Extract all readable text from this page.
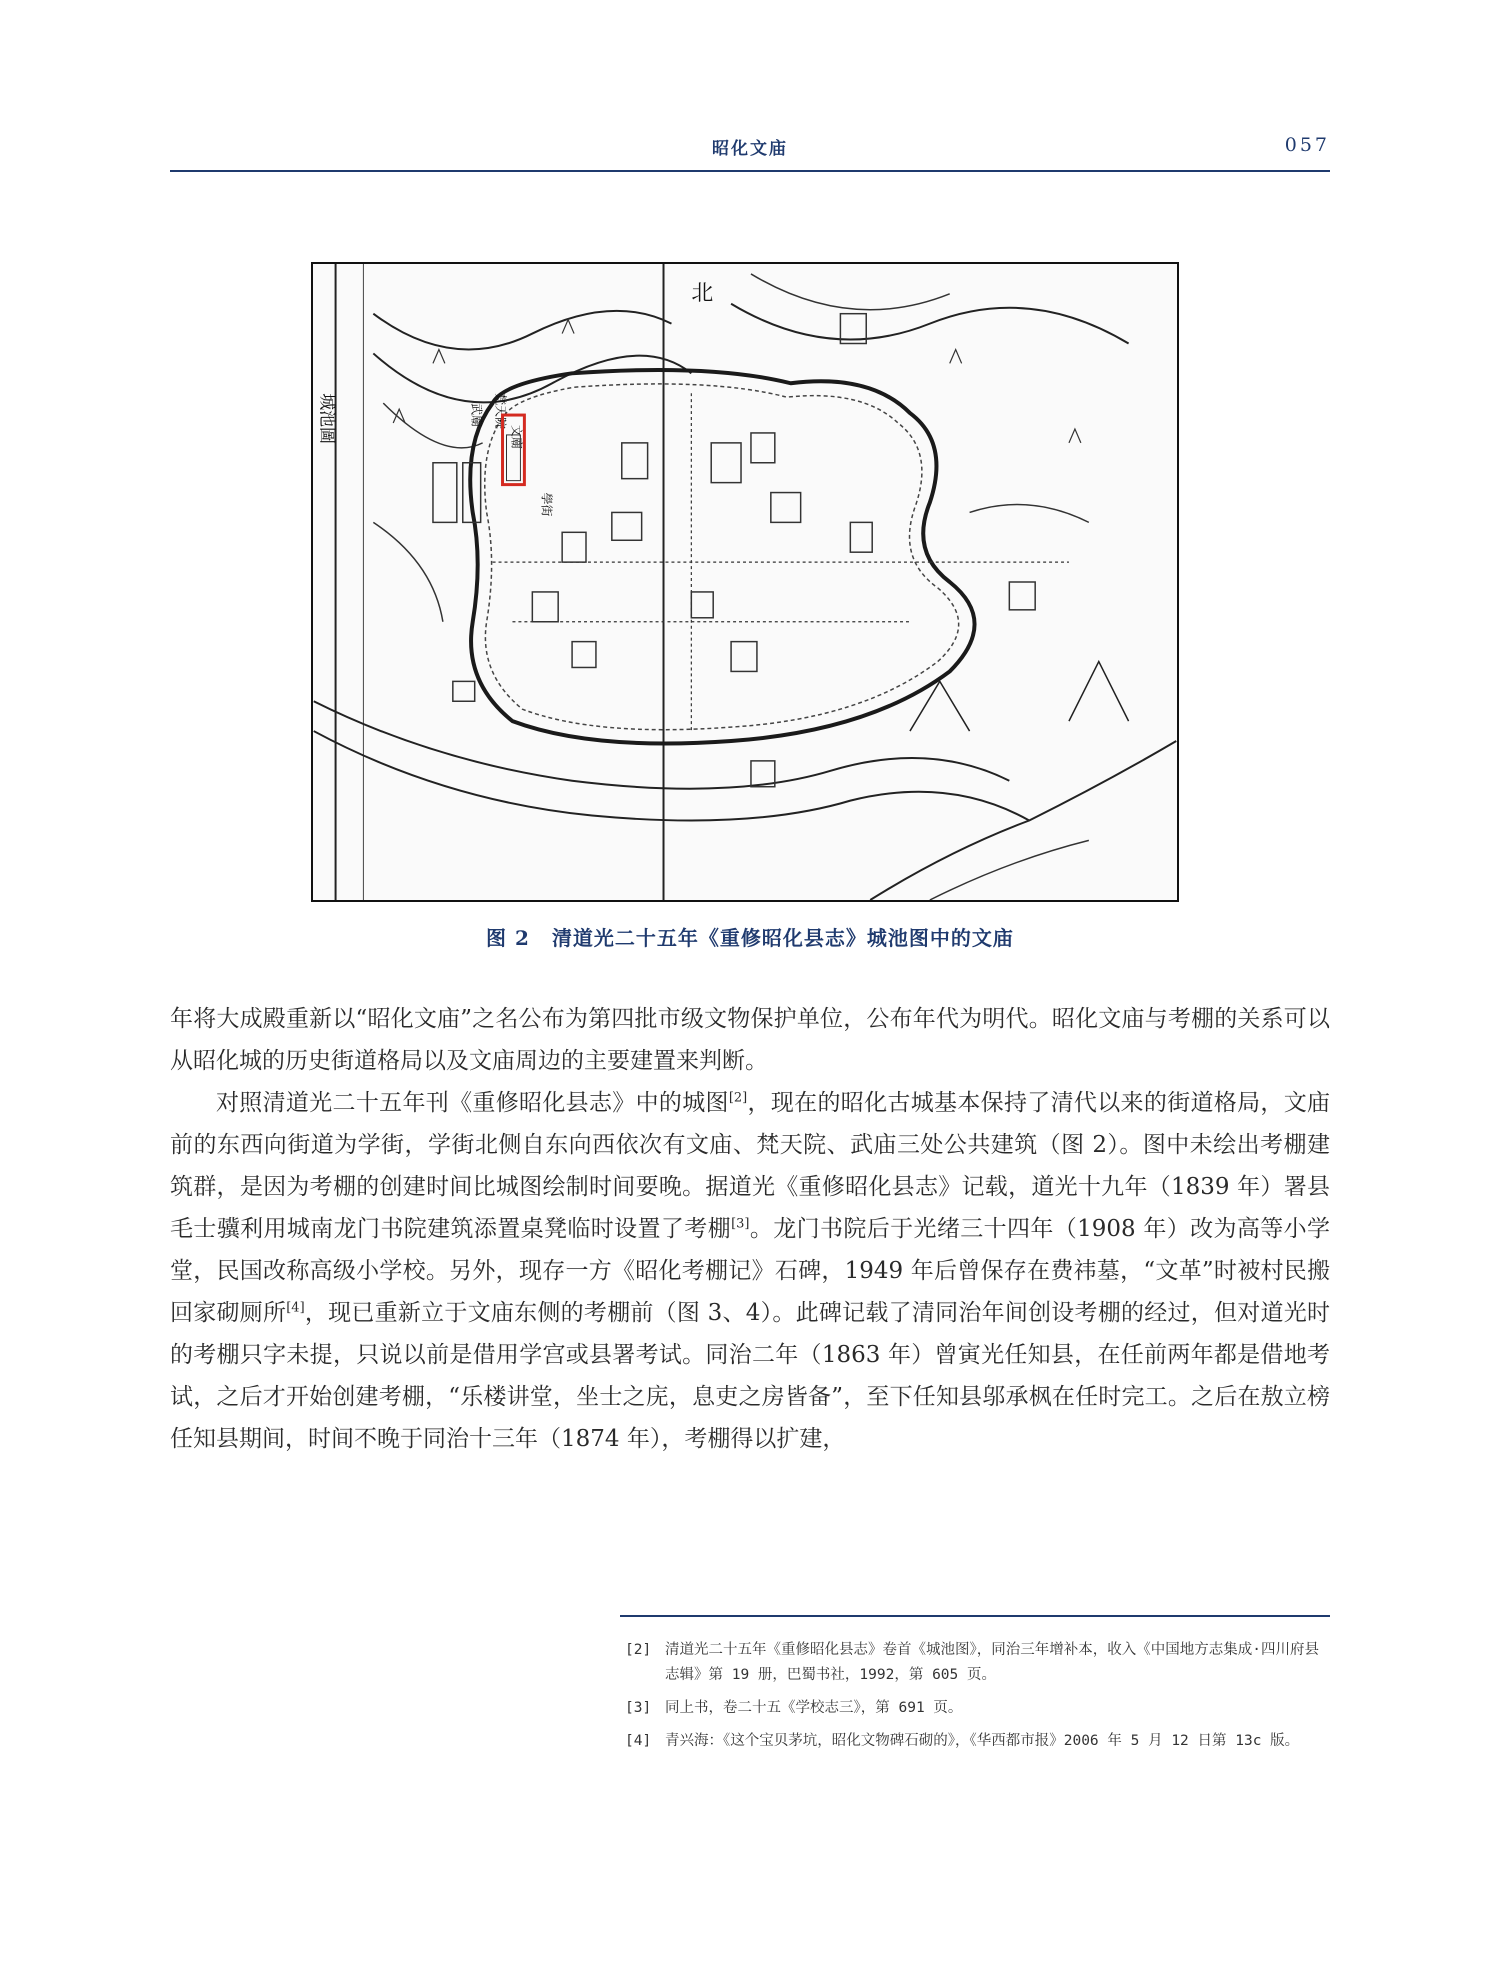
昭化文庙	057
北
城池圖	文廟
梵天院
武廟
學街
图 2 清道光二十五年《重修昭化县志》城池图中的文庙

年将大成殿重新以“昭化文庙”之名公布为第四批市级文物保护单位，公布年代为明代。昭化文庙与考棚的关系可以从昭化城的历史街道格局以及文庙周边的主要建置来判断。

对照清道光二十五年刊《重修昭化县志》中的城图[2]，现在的昭化古城基本保持了清代以来的街道格局，文庙前的东西向街道为学街，学街北侧自东向西依次有文庙、梵天院、武庙三处公共建筑（图 2）。图中未绘出考棚建筑群，是因为考棚的创建时间比城图绘制时间要晚。据道光《重修昭化县志》记载，道光十九年（1839 年）署县毛士骥利用城南龙门书院建筑添置桌凳临时设置了考棚[3]。龙门书院后于光绪三十四年（1908 年）改为高等小学堂，民国改称高级小学校。另外，现存一方《昭化考棚记》石碑，1949 年后曾保存在费祎墓，“文革”时被村民搬回家砌厕所[4]，现已重新立于文庙东侧的考棚前（图 3、4）。此碑记载了清同治年间创设考棚的经过，但对道光时的考棚只字未提，只说以前是借用学宫或县署考试。同治二年（1863 年）曾寅光任知县，在任前两年都是借地考试，之后才开始创建考棚，“乐楼讲堂，坐士之庑，息吏之房皆备”，至下任知县邬承枫在任时完工。之后在敖立榜任知县期间，时间不晚于同治十三年（1874 年），考棚得以扩建，

[2] 清道光二十五年《重修昭化县志》卷首《城池图》，同治三年增补本，收入《中国地方志集成·四川府县志辑》第 19 册，巴蜀书社，1992，第 605 页。
[3] 同上书，卷二十五《学校志三》，第 691 页。
[4] 青兴海：《这个宝贝茅坑，昭化文物碑石砌的》，《华西都市报》2006 年 5 月 12 日第 13c 版。
